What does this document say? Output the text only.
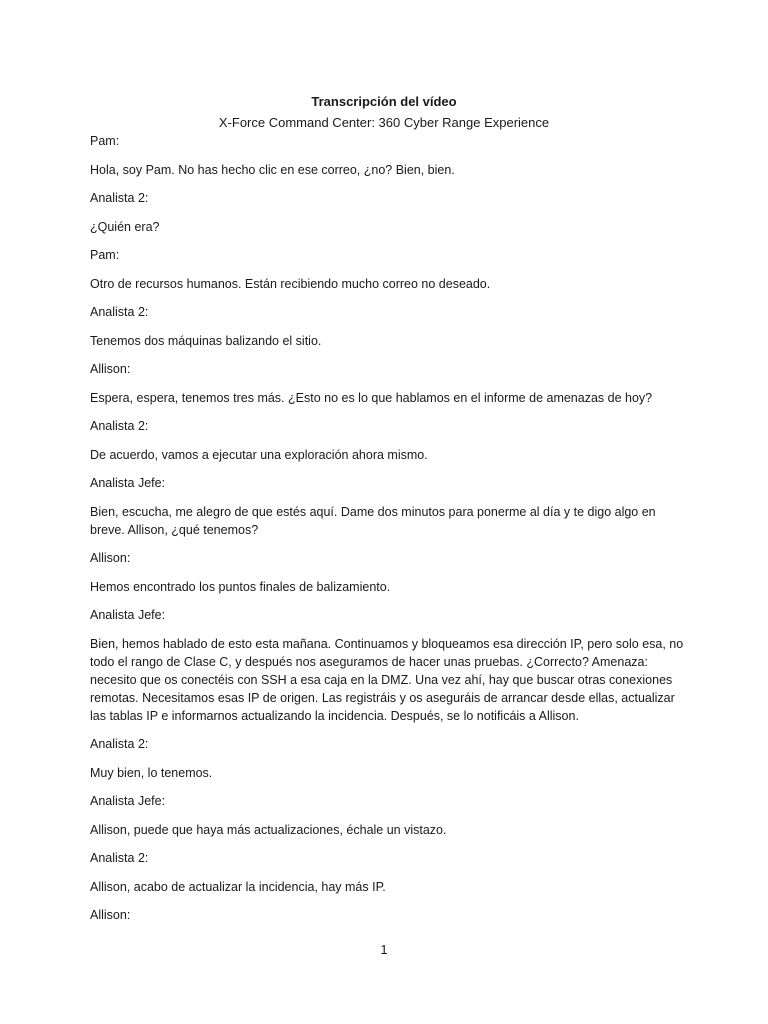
Transcripción del vídeo
X-Force Command Center: 360 Cyber Range Experience

Pam:

Hola, soy Pam. No has hecho clic en ese correo, ¿no? Bien, bien.

Analista 2:

¿Quién era?

Pam:

Otro de recursos humanos. Están recibiendo mucho correo no deseado.

Analista 2:

Tenemos dos máquinas balizando el sitio.

Allison:

Espera, espera, tenemos tres más. ¿Esto no es lo que hablamos en el informe de amenazas de hoy?

Analista 2:

De acuerdo, vamos a ejecutar una exploración ahora mismo.

Analista Jefe:

Bien, escucha, me alegro de que estés aquí. Dame dos minutos para ponerme al día y te digo algo en breve. Allison, ¿qué tenemos?

Allison:

Hemos encontrado los puntos finales de balizamiento.

Analista Jefe:

Bien, hemos hablado de esto esta mañana. Continuamos y bloqueamos esa dirección IP, pero solo esa, no todo el rango de Clase C, y después nos aseguramos de hacer unas pruebas. ¿Correcto? Amenaza: necesito que os conectéis con SSH a esa caja en la DMZ. Una vez ahí, hay que buscar otras conexiones remotas. Necesitamos esas IP de origen. Las registráis y os aseguráis de arrancar desde ellas, actualizar las tablas IP e informarnos actualizando la incidencia. Después, se lo notificáis a Allison.

Analista 2:

Muy bien, lo tenemos.

Analista Jefe:

Allison, puede que haya más actualizaciones, échale un vistazo.

Analista 2:

Allison, acabo de actualizar la incidencia, hay más IP.

Allison:

1
